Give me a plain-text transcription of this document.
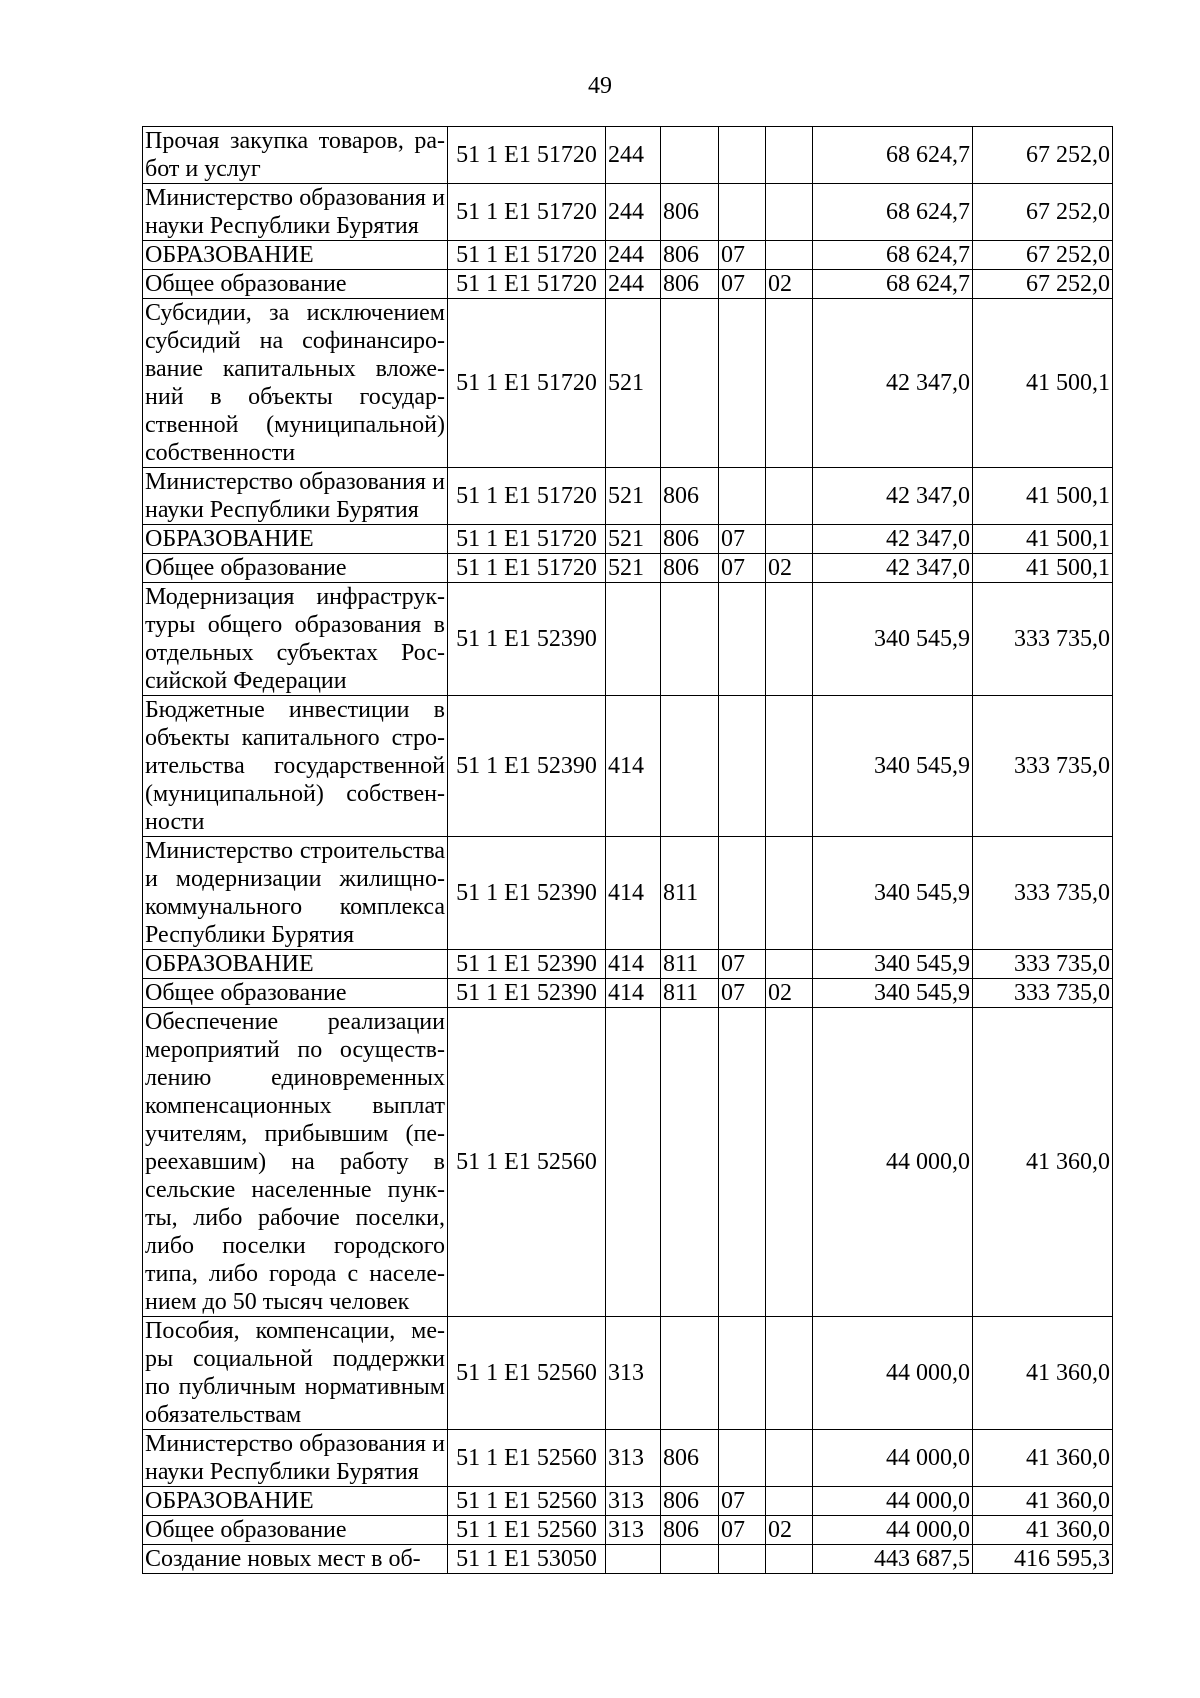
49
Прочая закупка товаров, работ и услуг	51 1 E1 51720	244				68 624,7	67 252,0
Министерство образования и науки Республики Бурятия	51 1 E1 51720	244	806			68 624,7	67 252,0
ОБРАЗОВАНИЕ	51 1 E1 51720	244	806	07		68 624,7	67 252,0
Общее образование	51 1 E1 51720	244	806	07	02	68 624,7	67 252,0
Субсидии, за исключением субсидий на софинансирование капитальных вложений в объекты государственной (муниципальной) собственности	51 1 E1 51720	521				42 347,0	41 500,1
Министерство образования и науки Республики Бурятия	51 1 E1 51720	521	806			42 347,0	41 500,1
ОБРАЗОВАНИЕ	51 1 E1 51720	521	806	07		42 347,0	41 500,1
Общее образование	51 1 E1 51720	521	806	07	02	42 347,0	41 500,1
Модернизация инфраструктуры общего образования в отдельных субъектах Российской Федерации	51 1 E1 52390					340 545,9	333 735,0
Бюджетные инвестиции в объекты капитального строительства государственной (муниципальной) собственности	51 1 E1 52390	414				340 545,9	333 735,0
Министерство строительства и модернизации жилищно-коммунального комплекса Республики Бурятия	51 1 E1 52390	414	811			340 545,9	333 735,0
ОБРАЗОВАНИЕ	51 1 E1 52390	414	811	07		340 545,9	333 735,0
Общее образование	51 1 E1 52390	414	811	07	02	340 545,9	333 735,0
Обеспечение реализации мероприятий по осуществлению единовременных компенсационных выплат учителям, прибывшим (переехавшим) на работу в сельские населенные пункты, либо рабочие поселки, либо поселки городского типа, либо города с населением до 50 тысяч человек	51 1 E1 52560					44 000,0	41 360,0
Пособия, компенсации, меры социальной поддержки по публичным нормативным обязательствам	51 1 E1 52560	313				44 000,0	41 360,0
Министерство образования и науки Республики Бурятия	51 1 E1 52560	313	806			44 000,0	41 360,0
ОБРАЗОВАНИЕ	51 1 E1 52560	313	806	07		44 000,0	41 360,0
Общее образование	51 1 E1 52560	313	806	07	02	44 000,0	41 360,0
Создание новых мест в об-	51 1 E1 53050					443 687,5	416 595,3
